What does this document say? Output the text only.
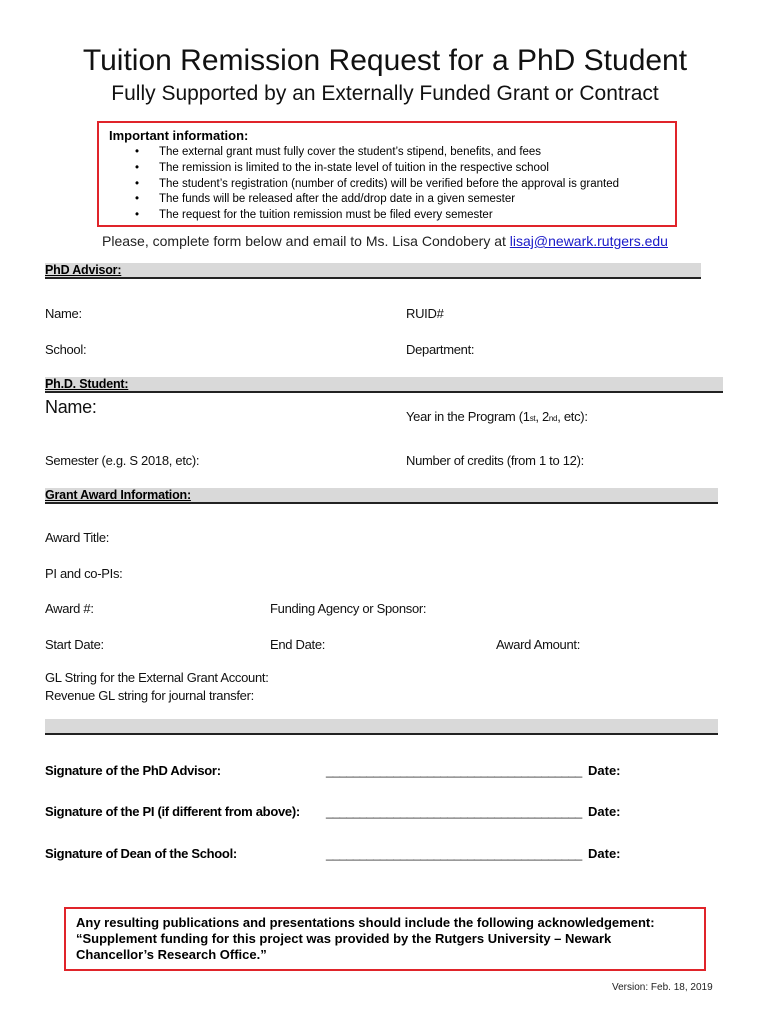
Tuition Remission Request for a PhD Student
Fully Supported by an Externally Funded Grant or Contract
Important information:
• The external grant must fully cover the student’s stipend, benefits, and fees
• The remission is limited to the in-state level of tuition in the respective school
• The student’s registration (number of credits) will be verified before the approval is granted
• The funds will be released after the add/drop date in a given semester
• The request for the tuition remission must be filed every semester
Please, complete form below and email to Ms. Lisa Condobery at lisaj@newark.rutgers.edu
PhD Advisor:
Name:	RUID#
School:	Department:
Ph.D. Student:
Name:	Year in the Program (1st, 2nd, etc):
Semester (e.g. S 2018, etc):	Number of credits (from 1 to 12):
Grant Award Information:
Award Title:
PI and co-PIs:
Award #:	Funding Agency or Sponsor:
Start Date:	End Date:	Award Amount:
GL String for the External Grant Account:
Revenue GL string for journal transfer:
Signature of the PhD Advisor:	______________________________________ Date:
Signature of the PI (if different from above): ______________________________________ Date:
Signature of Dean of the School:	______________________________________ Date:
Any resulting publications and presentations should include the following acknowledgement: “Supplement funding for this project was provided by the Rutgers University – Newark Chancellor’s Research Office.”
Version: Feb. 18, 2019
